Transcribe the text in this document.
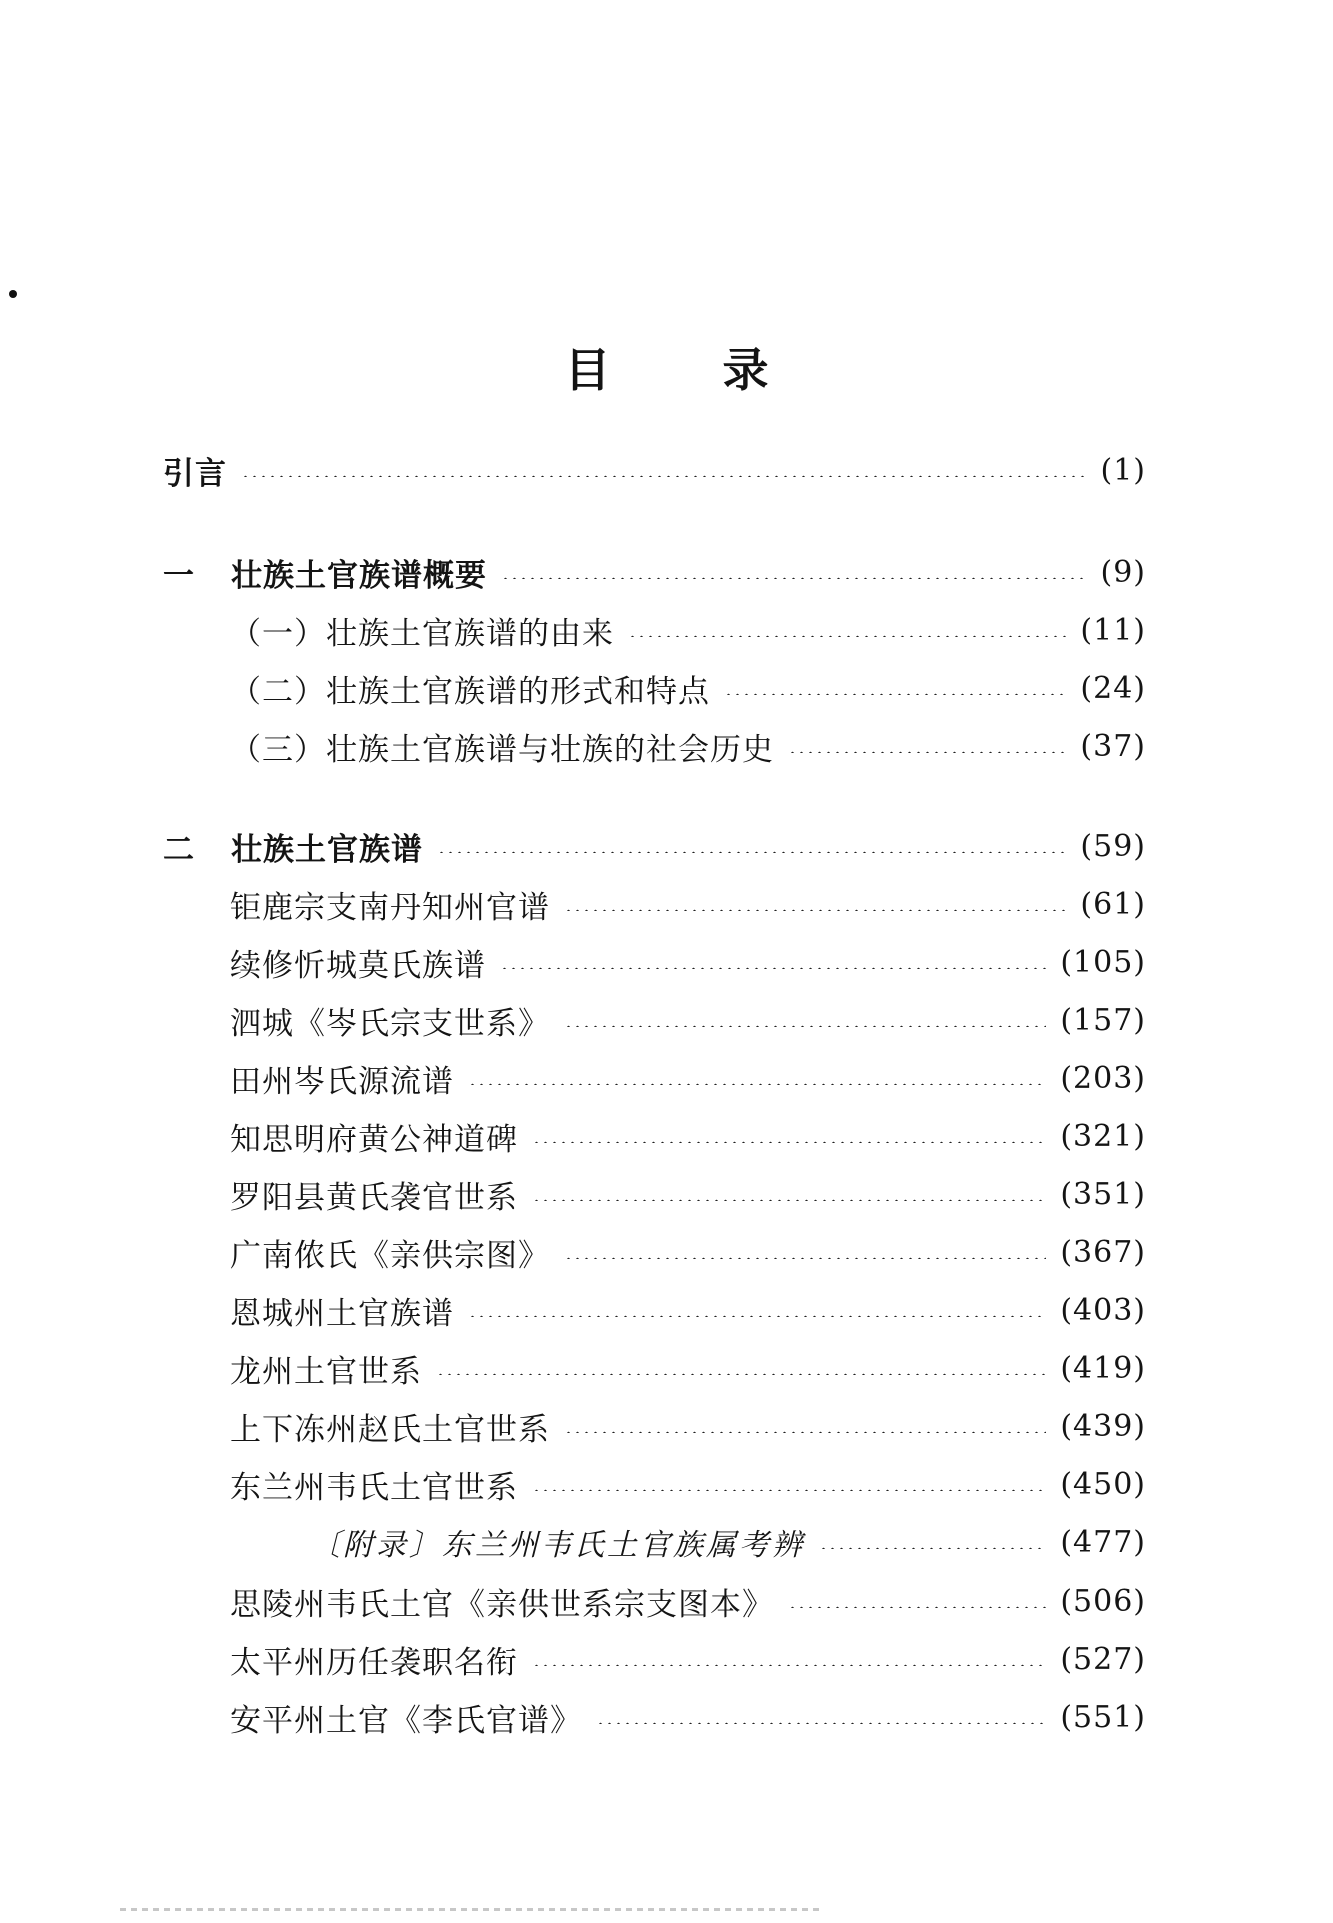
目 录
引言	(1)
一	壮族土官族谱概要	(9)
（一）壮族土官族谱的由来	(11)
（二）壮族土官族谱的形式和特点	(24)
（三）壮族土官族谱与壮族的社会历史	(37)
二	壮族土官族谱	(59)
钜鹿宗支南丹知州官谱	(61)
续修忻城莫氏族谱	(105)
泗城《岑氏宗支世系》	(157)
田州岑氏源流谱	(203)
知思明府黄公神道碑	(321)
罗阳县黄氏袭官世系	(351)
广南侬氏《亲供宗图》	(367)
恩城州土官族谱	(403)
龙州土官世系	(419)
上下冻州赵氏土官世系	(439)
东兰州韦氏土官世系	(450)
〔附录〕东兰州韦氏土官族属考辨	(477)
思陵州韦氏土官《亲供世系宗支图本》	(506)
太平州历任袭职名衔	(527)
安平州土官《李氏官谱》	(551)
